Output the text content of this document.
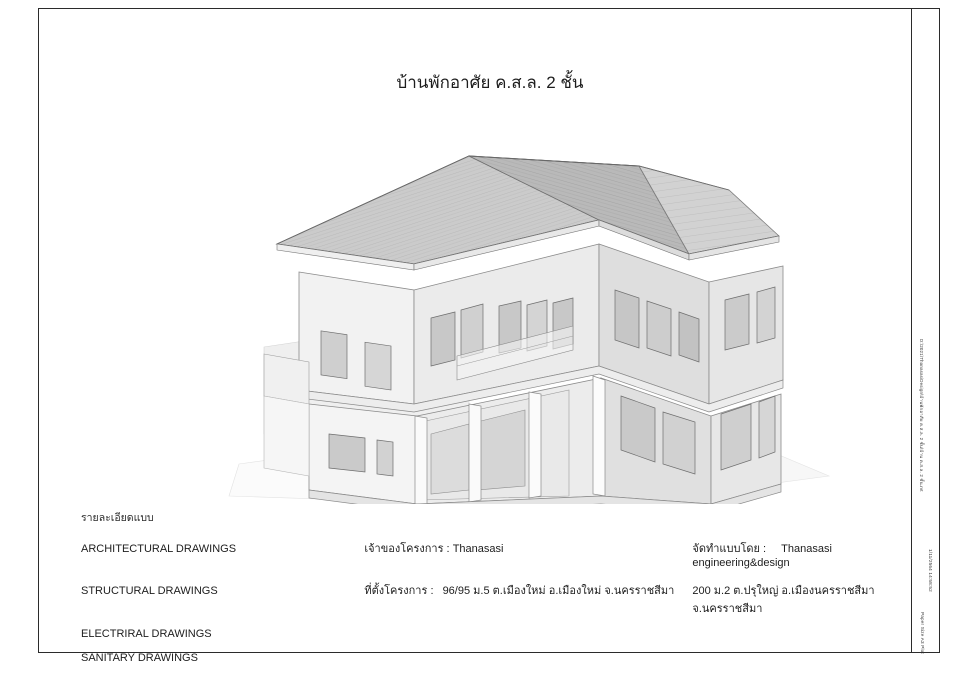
บ้านพักอาศัย ค.ส.ล. 2 ชั้น
รายละเอียดแบบ
ARCHITECTURAL DRAWINGS	เจ้าของโครงการ : Thanasasi	จัดทำแบบโดย : Thanasasi engineering&design
STRUCTURAL DRAWINGS	ที่ตั้งโครงการ : 96/95 ม.5 ต.เมืองใหม่ อ.เมืองใหม่ จ.นครราชสีมา	200 ม.2 ต.ปรุใหญ่ อ.เมืองนครราชสีมา จ.นครราชสีมา
ELECTRIRAL DRAWINGS
SANITARY DRAWINGS
D:\2021\ThanasasiDesign\บ้านพักอาศัย ค.ส.ล. 2 ชั้น\บ้าน ค.ส.ล. 2 ชั้น.rvt
1/11/2564 14:58:52
Paper Size A3 Plot
